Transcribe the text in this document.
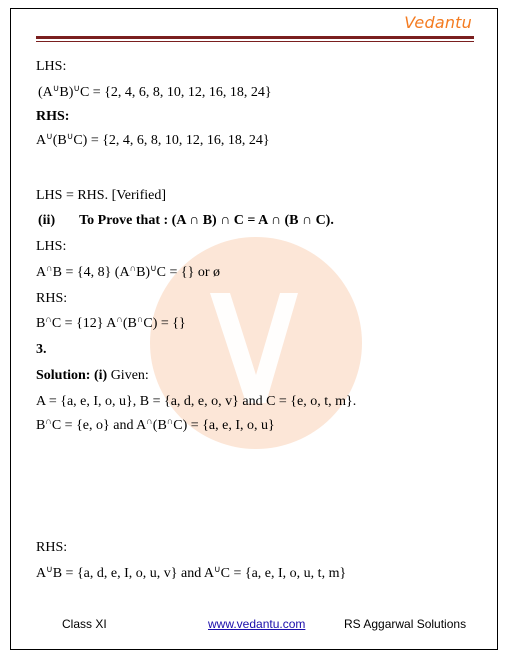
Vedantu
LHS:
(A∪B)∪C = {2, 4, 6, 8, 10, 12, 16, 18, 24}
RHS:
A∪(B∪C) = {2, 4, 6, 8, 10, 12, 16, 18, 24}
LHS = RHS. [Verified]
(ii) To Prove that : (A ∩ B) ∩ C = A ∩ (B ∩ C).
LHS:
A∩B = {4, 8} (A∩B)∪C = {} or ø
RHS:
B∩C = {12} A∩(B∩C) = {}
3.
Solution: (i) Given:
A = {a, e, I, o, u}, B = {a, d, e, o, v} and C = {e, o, t, m}.
B∩C = {e, o} and A∩(B∩C) = {a, e, I, o, u}
RHS:
A∪B = {a, d, e, I, o, u, v} and A∪C = {a, e, I, o, u, t, m}
Class XI	www.vedantu.com	RS Aggarwal Solutions
